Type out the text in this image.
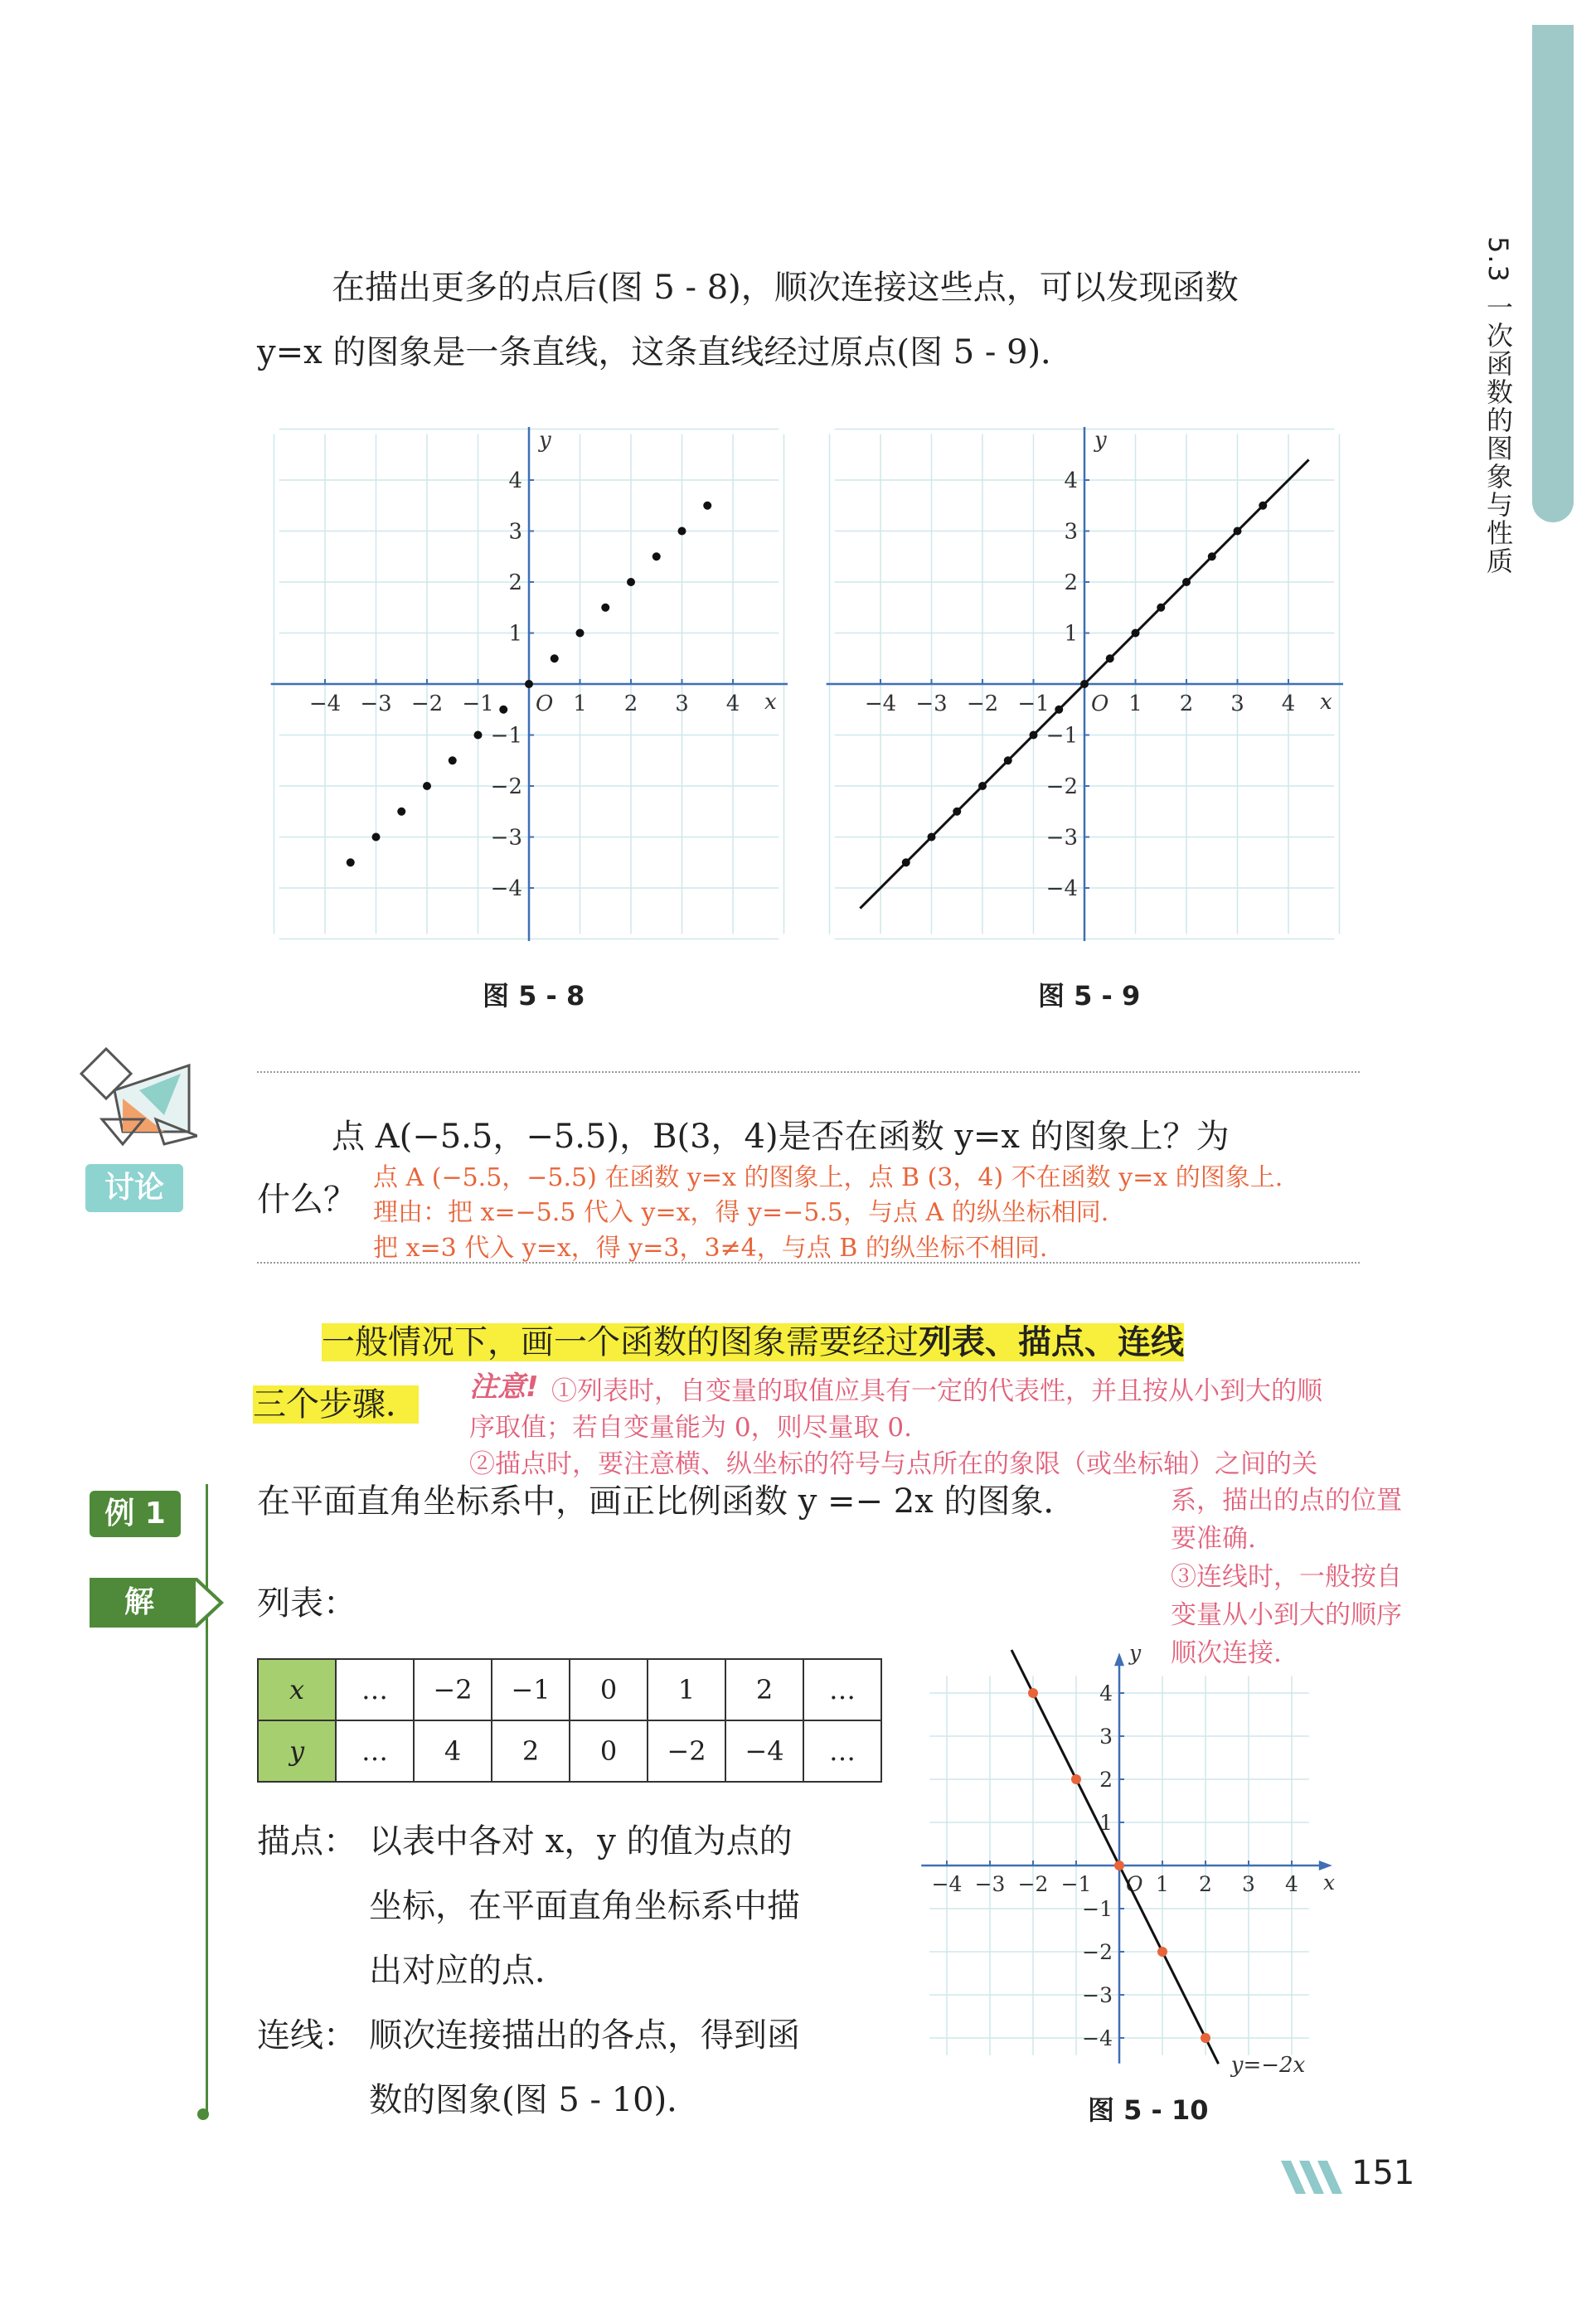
5.3 一次函数的图象与性质
在描出更多的点后(图 5 - 8)，顺次连接这些点，可以发现函数
y=x 的图象是一条直线，这条直线经过原点(图 5 - 9)．
−4 −3 −2 −1	1 2 3 4
4
3
2
1
−1
−2
−3
−4
O	x
y
图 5 - 8
−4 −3 −2 −1	1 2 3 4
4
3
2
1
−1
−2
−3
−4
O	x
y
图 5 - 9
讨论
点 A(−5.5，−5.5)，B(3，4)是否在函数 y=x 的图象上？为
什么？
点 A (−5.5，−5.5) 在函数 y=x 的图象上，点 B (3，4) 不在函数 y=x 的图象上.
理由：把 x=−5.5 代入 y=x，得 y=−5.5，与点 A 的纵坐标相同.
把 x=3 代入 y=x，得 y=3，3≠4，与点 B 的纵坐标不相同.
一般情况下，画一个函数的图象需要经过列表、描点、连线
三个步骤． 注意! ①列表时，自变量的取值应具有一定的代表性，并且按从小到大的顺
序取值；若自变量能为 0，则尽量取 0.
②描点时，要注意横、纵坐标的符号与点所在的象限（或坐标轴）之间的关
系，描出的点的位置
要准确.
③连线时，一般按自
变量从小到大的顺序
顺次连接.
例 1	在平面直角坐标系中，画正比例函数 y =− 2x 的图象．
解	列表：
x	…	−2	−1	0	1	2	…
y	…	4	2	0	−2	−4	…
描点： 以表中各对 x，y 的值为点的
坐标，在平面直角坐标系中描
出对应的点．
连线： 顺次连接描出的各点，得到函
数的图象(图 5 - 10)．
−4 −3 −2 −1	1 2 3 4
4
3
2
1
−1
−2
−3
−4
O	x
y
y=−2x
图 5 - 10
151
